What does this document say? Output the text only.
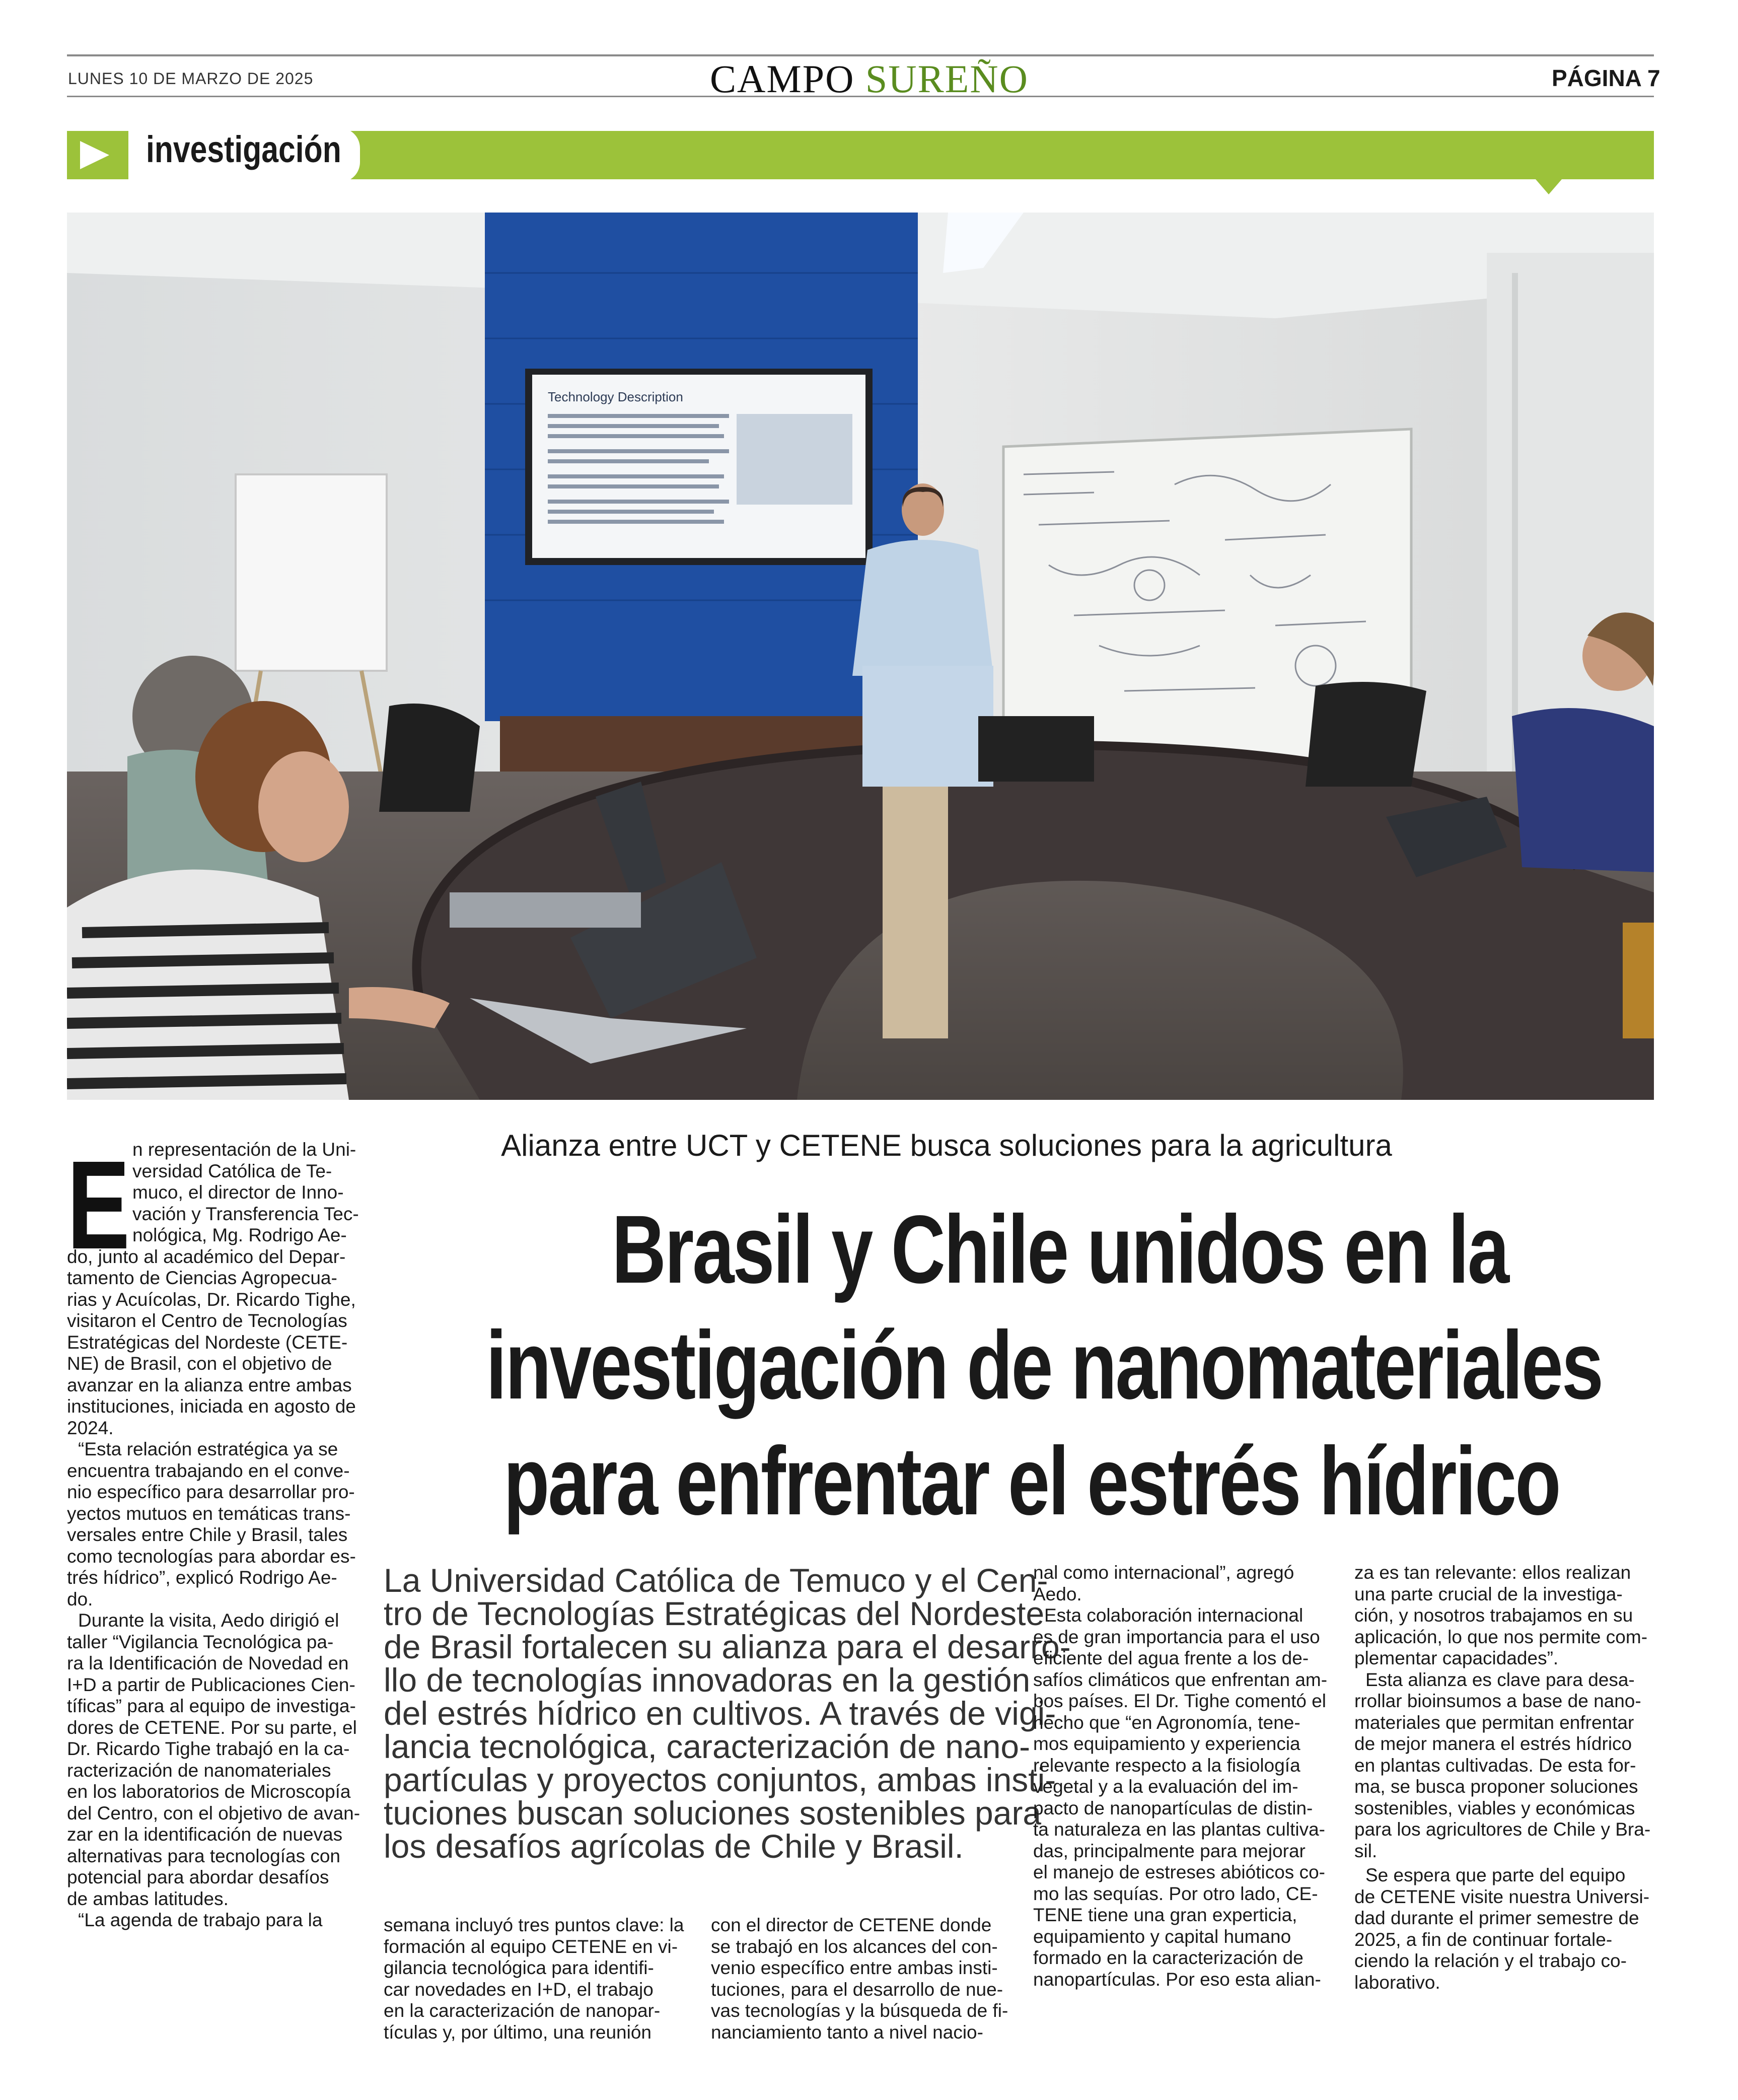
LUNES 10 DE MARZO DE 2025	CAMPO SUREÑO	PÁGINA 7
investigación
Technology Description
Alianza entre UCT y CETENE busca soluciones para la agricultura
Brasil y Chile unidos en la
investigación de nanomateriales
para enfrentar el estrés hídrico
La Universidad Católica de Temuco y el Cen-
tro de Tecnologías Estratégicas del Nordeste
de Brasil fortalecen su alianza para el desarro-
llo de tecnologías innovadoras en la gestión
del estrés hídrico en cultivos. A través de vigi-
lancia tecnológica, caracterización de nano-
partículas y proyectos conjuntos, ambas insti-
tuciones buscan soluciones sostenibles para
los desafíos agrícolas de Chile y Brasil.
E n representación de la Uni-
versidad Católica de Te-
muco, el director de Inno-
vación y Transferencia Tec-
nológica, Mg. Rodrigo Ae-
do, junto al académico del Depar-
tamento de Ciencias Agropecua-
rias y Acuícolas, Dr. Ricardo Tighe,
visitaron el Centro de Tecnologías
Estratégicas del Nordeste (CETE-
NE) de Brasil, con el objetivo de
avanzar en la alianza entre ambas
instituciones, iniciada en agosto de
2024.
“Esta relación estratégica ya se
encuentra trabajando en el conve-
nio específico para desarrollar pro-
yectos mutuos en temáticas trans-
versales entre Chile y Brasil, tales
como tecnologías para abordar es-
trés hídrico”, explicó Rodrigo Ae-
do.
Durante la visita, Aedo dirigió el
taller “Vigilancia Tecnológica pa-
ra la Identificación de Novedad en
I+D a partir de Publicaciones Cien-
tíficas” para al equipo de investiga-
dores de CETENE. Por su parte, el
Dr. Ricardo Tighe trabajó en la ca-
racterización de nanomateriales
en los laboratorios de Microscopía
del Centro, con el objetivo de avan-
zar en la identificación de nuevas
alternativas para tecnologías con
potencial para abordar desafíos
de ambas latitudes.
“La agenda de trabajo para la	semana incluyó tres puntos clave: la
formación al equipo CETENE en vi-
gilancia tecnológica para identifi-
car novedades en I+D, el trabajo
en la caracterización de nanopar-
tículas y, por último, una reunión
con el director de CETENE donde
se trabajó en los alcances del con-
venio específico entre ambas insti-
tuciones, para el desarrollo de nue-
vas tecnologías y la búsqueda de fi-
nanciamiento tanto a nivel nacio-
nal como internacional”, agregó
Aedo.
Esta colaboración internacional
es de gran importancia para el uso
eficiente del agua frente a los de-
safíos climáticos que enfrentan am-
bos países. El Dr. Tighe comentó el
hecho que “en Agronomía, tene-
mos equipamiento y experiencia
relevante respecto a la fisiología
vegetal y a la evaluación del im-
pacto de nanopartículas de distin-
ta naturaleza en las plantas cultiva-
das, principalmente para mejorar
el manejo de estreses abióticos co-
mo las sequías. Por otro lado, CE-
TENE tiene una gran experticia,
equipamiento y capital humano
formado en la caracterización de
nanopartículas. Por eso esta alian-
za es tan relevante: ellos realizan
una parte crucial de la investiga-
ción, y nosotros trabajamos en su
aplicación, lo que nos permite com-
plementar capacidades”.
Esta alianza es clave para desa-
rrollar bioinsumos a base de nano-
materiales que permitan enfrentar
de mejor manera el estrés hídrico
en plantas cultivadas. De esta for-
ma, se busca proponer soluciones
sostenibles, viables y económicas
para los agricultores de Chile y Bra-
sil.
Se espera que parte del equipo
de CETENE visite nuestra Universi-
dad durante el primer semestre de
2025, a fin de continuar fortale-
ciendo la relación y el trabajo co-
laborativo.
